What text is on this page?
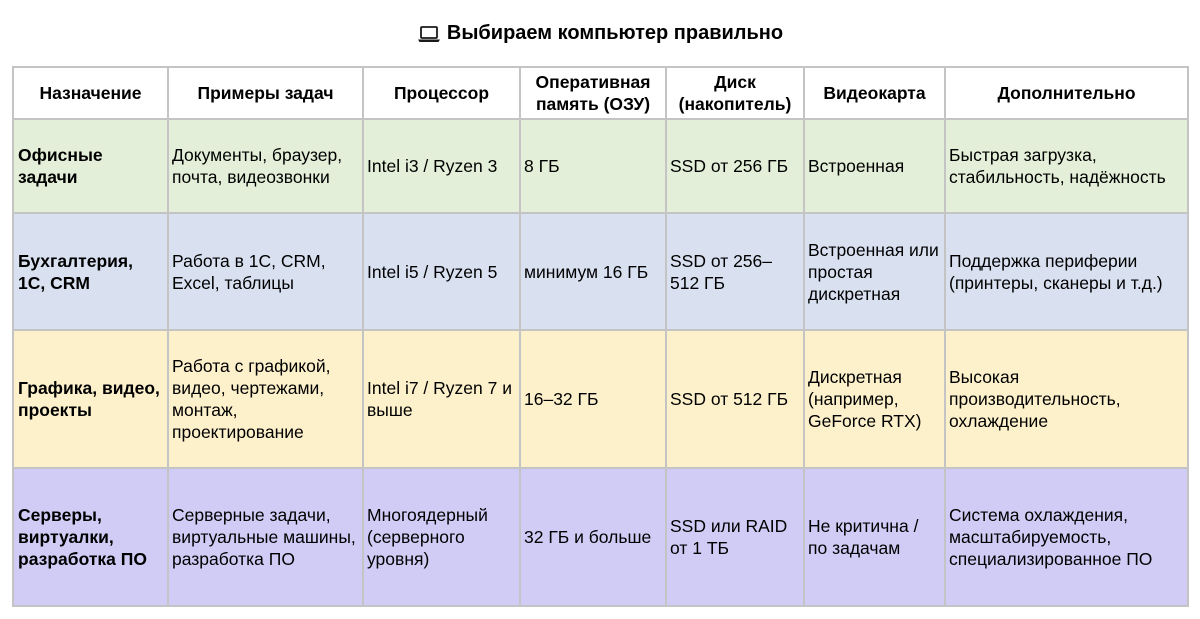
Выбираем компьютер правильно
Назначение	Примеры задач	Процессор	Оперативная память (ОЗУ)	Диск (накопитель)	Видеокарта	Дополнительно
Офисные задачи	Документы, браузер, почта, видеозвонки	Intel i3 / Ryzen 3	8 ГБ	SSD от 256 ГБ	Встроенная	Быстрая загрузка, стабильность, надёжность
Бухгалтерия, 1С, CRM	Работа в 1С, CRM, Excel, таблицы	Intel i5 / Ryzen 5	минимум 16 ГБ	SSD от 256–512 ГБ	Встроенная или простая дискретная	Поддержка периферии (принтеры, сканеры и т.д.)
Графика, видео, проекты	Работа с графикой, видео, чертежами, монтаж, проектирование	Intel i7 / Ryzen 7 и выше	16–32 ГБ	SSD от 512 ГБ	Дискретная (например, GeForce RTX)	Высокая производительность, охлаждение
Серверы, виртуалки, разработка ПО	Серверные задачи, виртуальные машины, разработка ПО	Многоядерный (серверного уровня)	32 ГБ и больше	SSD или RAID от 1 ТБ	Не критична / по задачам	Система охлаждения, масштабируемость, специализированное ПО
